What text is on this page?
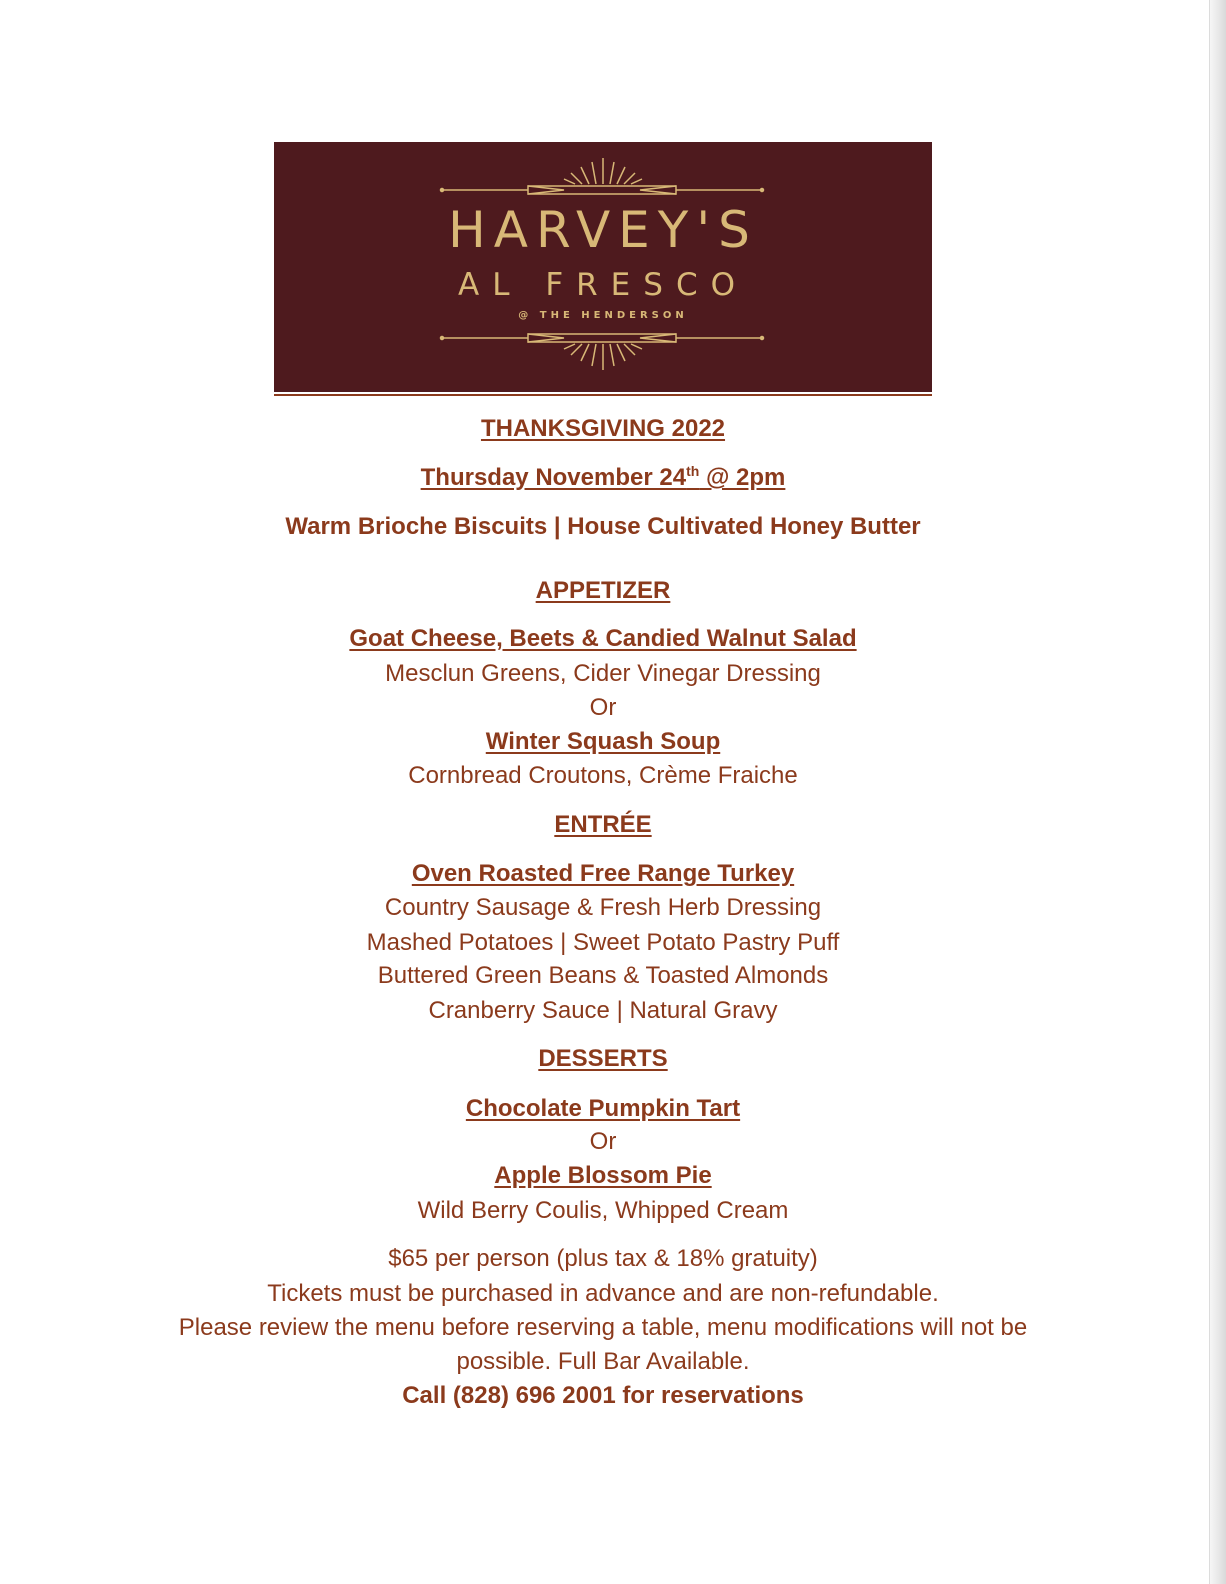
HARVEY'S
AL FRESCO
@ THE HENDERSON
THANKSGIVING 2022
Thursday November 24th @ 2pm
Warm Brioche Biscuits | House Cultivated Honey Butter
APPETIZER
Goat Cheese, Beets & Candied Walnut Salad
Mesclun Greens, Cider Vinegar Dressing
Or
Winter Squash Soup
Cornbread Croutons, Crème Fraiche
ENTRÉE
Oven Roasted Free Range Turkey
Country Sausage & Fresh Herb Dressing
Mashed Potatoes | Sweet Potato Pastry Puff
Buttered Green Beans & Toasted Almonds
Cranberry Sauce | Natural Gravy
DESSERTS
Chocolate Pumpkin Tart
Or
Apple Blossom Pie
Wild Berry Coulis, Whipped Cream
$65 per person (plus tax & 18% gratuity)
Tickets must be purchased in advance and are non-refundable.
Please review the menu before reserving a table, menu modifications will not be
possible. Full Bar Available.
Call (828) 696 2001 for reservations
